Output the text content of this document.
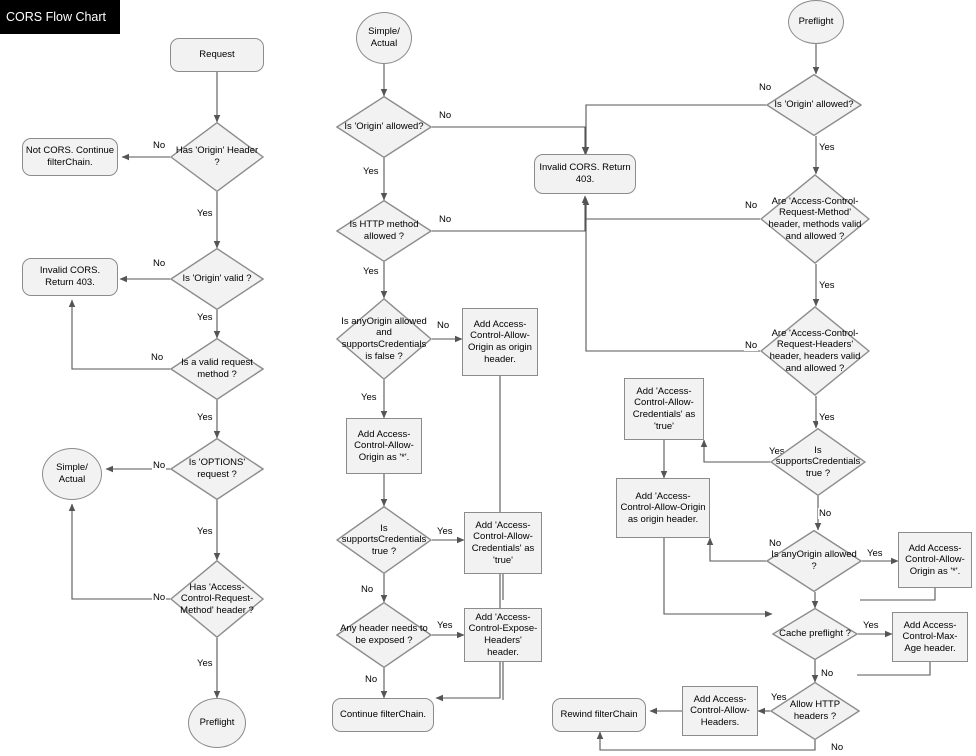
CORS Flow Chart
Request
Has 'Origin' Header ?
Not CORS. Continue filterChain.
Is 'Origin' valid ?
Invalid CORS. Return 403.
Is a valid request method ?
Is 'OPTIONS' request ?
Simple/ Actual
Has 'Access-Control-Request-Method' header ?
Preflight
Simple/ Actual
Is 'Origin' allowed?
Invalid CORS. Return 403.
Is HTTP method allowed ?
Is anyOrigin allowed and supportsCredentials is false ?
Add Access-Control-Allow-Origin as origin header.
Add Access-Control-Allow-Origin as '*'.
Is supportsCredentials true ?
Add 'Access-Control-Allow-Credentials' as 'true'
Any header needs to be exposed ?
Add 'Access-Control-Expose-Headers' header.
Continue filterChain.
Preflight
Is 'Origin' allowed?
Are 'Access-Control-Request-Method' header, methods valid and allowed ?
Are 'Access-Control-Request-Headers' header, headers valid and allowed ?
Add 'Access-Control-Allow-Credentials' as 'true'
Is supportsCredentials true ?
Add 'Access-Control-Allow-Origin as origin header.
Is anyOrigin allowed ?
Add Access-Control-Allow-Origin as '*'.
Cache preflight ?
Add Access-Control-Max-Age header.
Allow HTTP headers ?
Add Access-Control-Allow-Headers.
Rewind filterChain
No
Yes
No
Yes
No
Yes
No
Yes
No
Yes
No
Yes
No
Yes
No
Yes
Yes
No
Yes
No
No
Yes
No
Yes
No
Yes
Yes
No
No
Yes
Yes
No
Yes
No
